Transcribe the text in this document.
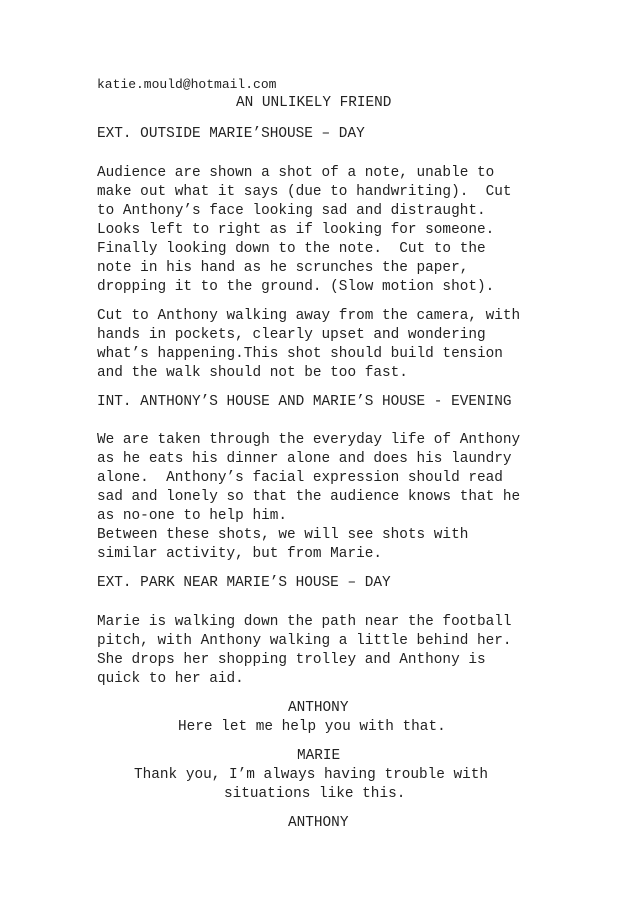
katie.mould@hotmail.com
AN UNLIKELY FRIEND
EXT. OUTSIDE MARIE’SHOUSE – DAY
Audience are shown a shot of a note, unable to
make out what it says (due to handwriting).  Cut
to Anthony’s face looking sad and distraught.
Looks left to right as if looking for someone.
Finally looking down to the note.  Cut to the
note in his hand as he scrunches the paper,
dropping it to the ground. (Slow motion shot).
Cut to Anthony walking away from the camera, with
hands in pockets, clearly upset and wondering
what’s happening.This shot should build tension
and the walk should not be too fast.
INT. ANTHONY’S HOUSE AND MARIE’S HOUSE - EVENING
We are taken through the everyday life of Anthony
as he eats his dinner alone and does his laundry
alone.  Anthony’s facial expression should read
sad and lonely so that the audience knows that he
as no-one to help him.
Between these shots, we will see shots with
similar activity, but from Marie.
EXT. PARK NEAR MARIE’S HOUSE – DAY
Marie is walking down the path near the football
pitch, with Anthony walking a little behind her.
She drops her shopping trolley and Anthony is
quick to her aid.
ANTHONY
Here let me help you with that.
MARIE
Thank you, I’m always having trouble with
situations like this.
ANTHONY
